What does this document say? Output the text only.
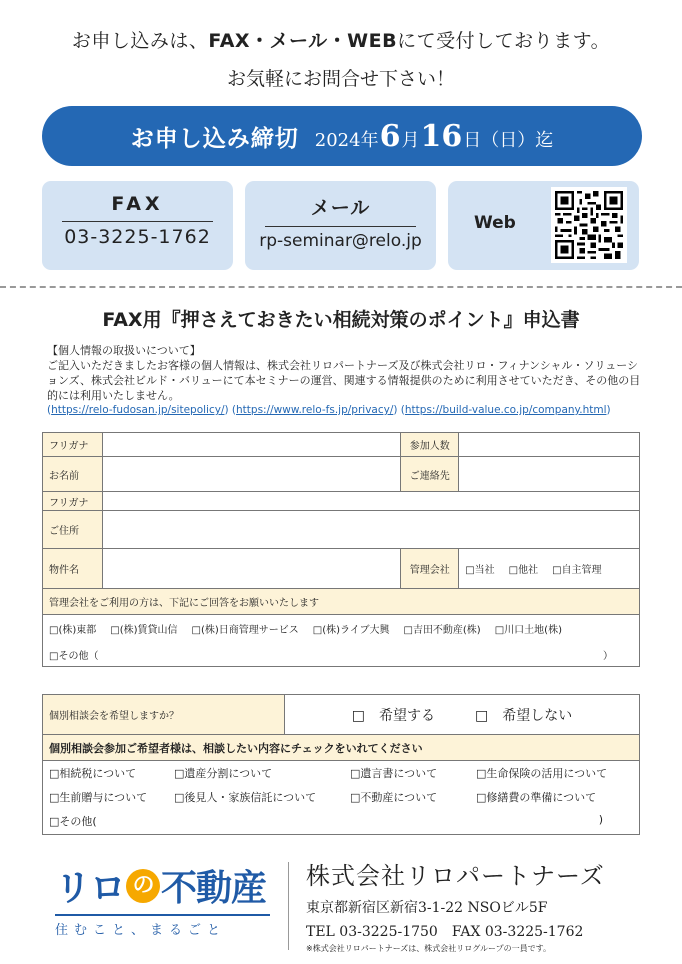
お申し込みは、FAX・メール・WEBにて受付しております。
お気軽にお問合せ下さい！
お申し込み締切 2024年 6 月 16 日 （日）迄
FAX
03-3225-1762
メール
rp-seminar@relo.jp
Web
FAX用『押さえておきたい相続対策のポイント』申込書
【個人情報の取扱いについて】
ご記入いただきましたお客様の個人情報は、株式会社リロパートナーズ及び株式会社リロ・フィナンシャル・ソリューションズ、株式会社ビルド・バリューにて本セミナーの運営、関連する情報提供のために利用させていただき、その他の目的には利用いたしません。
(https://relo-fudosan.jp/sitepolicy/) (https://www.relo-fs.jp/privacy/) (https://build-value.co.jp/company.html)
フリガナ		参加人数	
お名前		ご連絡先	
フリガナ			
ご住所			
物件名		管理会社	□当社 □他社 □自主管理
管理会社をご利用の方は、下記にご回答をお願いいたします			
□(株)東都 □(株)賃貸山信 □(株)日商管理サービス □(株)ライブ大興 □吉田不動産(株) □川口土地(株)			
□その他（ ）			
個別相談会を希望しますか？	□　希望する	□　希望しない
個別相談会参加ご希望者様は、相談したい内容にチェックをいれてください
□相続税について	□遺産分割について	□遺言書について	□生命保険の活用について
□生前贈与について □後見人・家族信託について	□不動産について	□修繕費の準備について
□その他(	)
リロ の 不動産
住むこと、まるごと
株式会社リロパートナーズ
東京都新宿区新宿3-1-22 NSOビル5F
TEL 03-3225-1750　FAX 03-3225-1762
※株式会社リロパートナーズは、株式会社リログループの一員です。
